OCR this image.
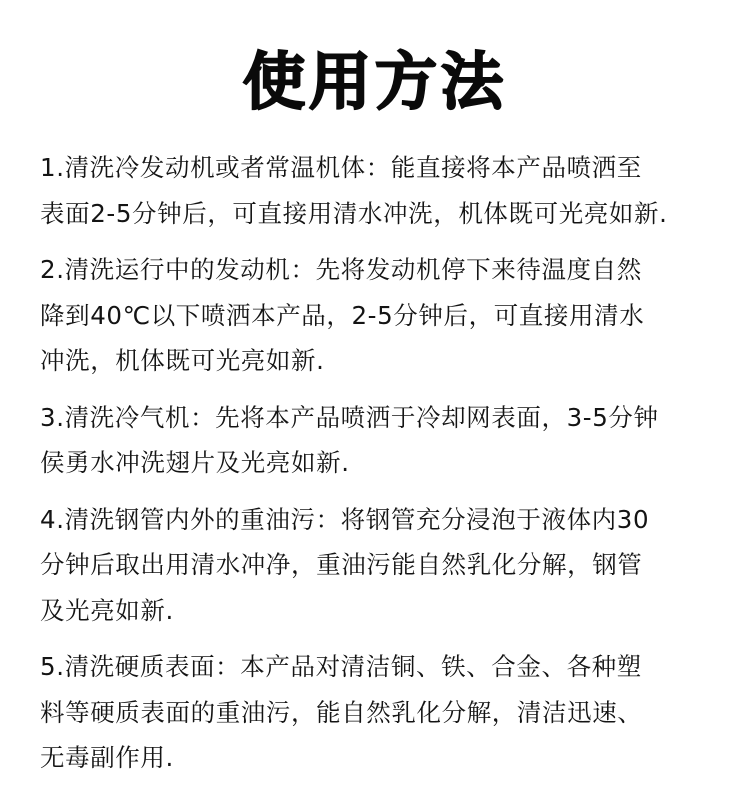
使用方法
1.清洗冷发动机或者常温机体：能直接将本产品喷洒至
表面2-5分钟后，可直接用清水冲洗，机体既可光亮如新.
2.清洗运行中的发动机：先将发动机停下来待温度自然
降到40℃以下喷洒本产品，2-5分钟后，可直接用清水
冲洗，机体既可光亮如新.
3.清洗冷气机：先将本产品喷洒于冷却网表面，3-5分钟
侯勇水冲洗翅片及光亮如新.
4.清洗钢管内外的重油污：将钢管充分浸泡于液体内30
分钟后取出用清水冲净，重油污能自然乳化分解，钢管
及光亮如新.
5.清洗硬质表面：本产品对清洁铜、铁、合金、各种塑
料等硬质表面的重油污，能自然乳化分解，清洁迅速、
无毒副作用.
